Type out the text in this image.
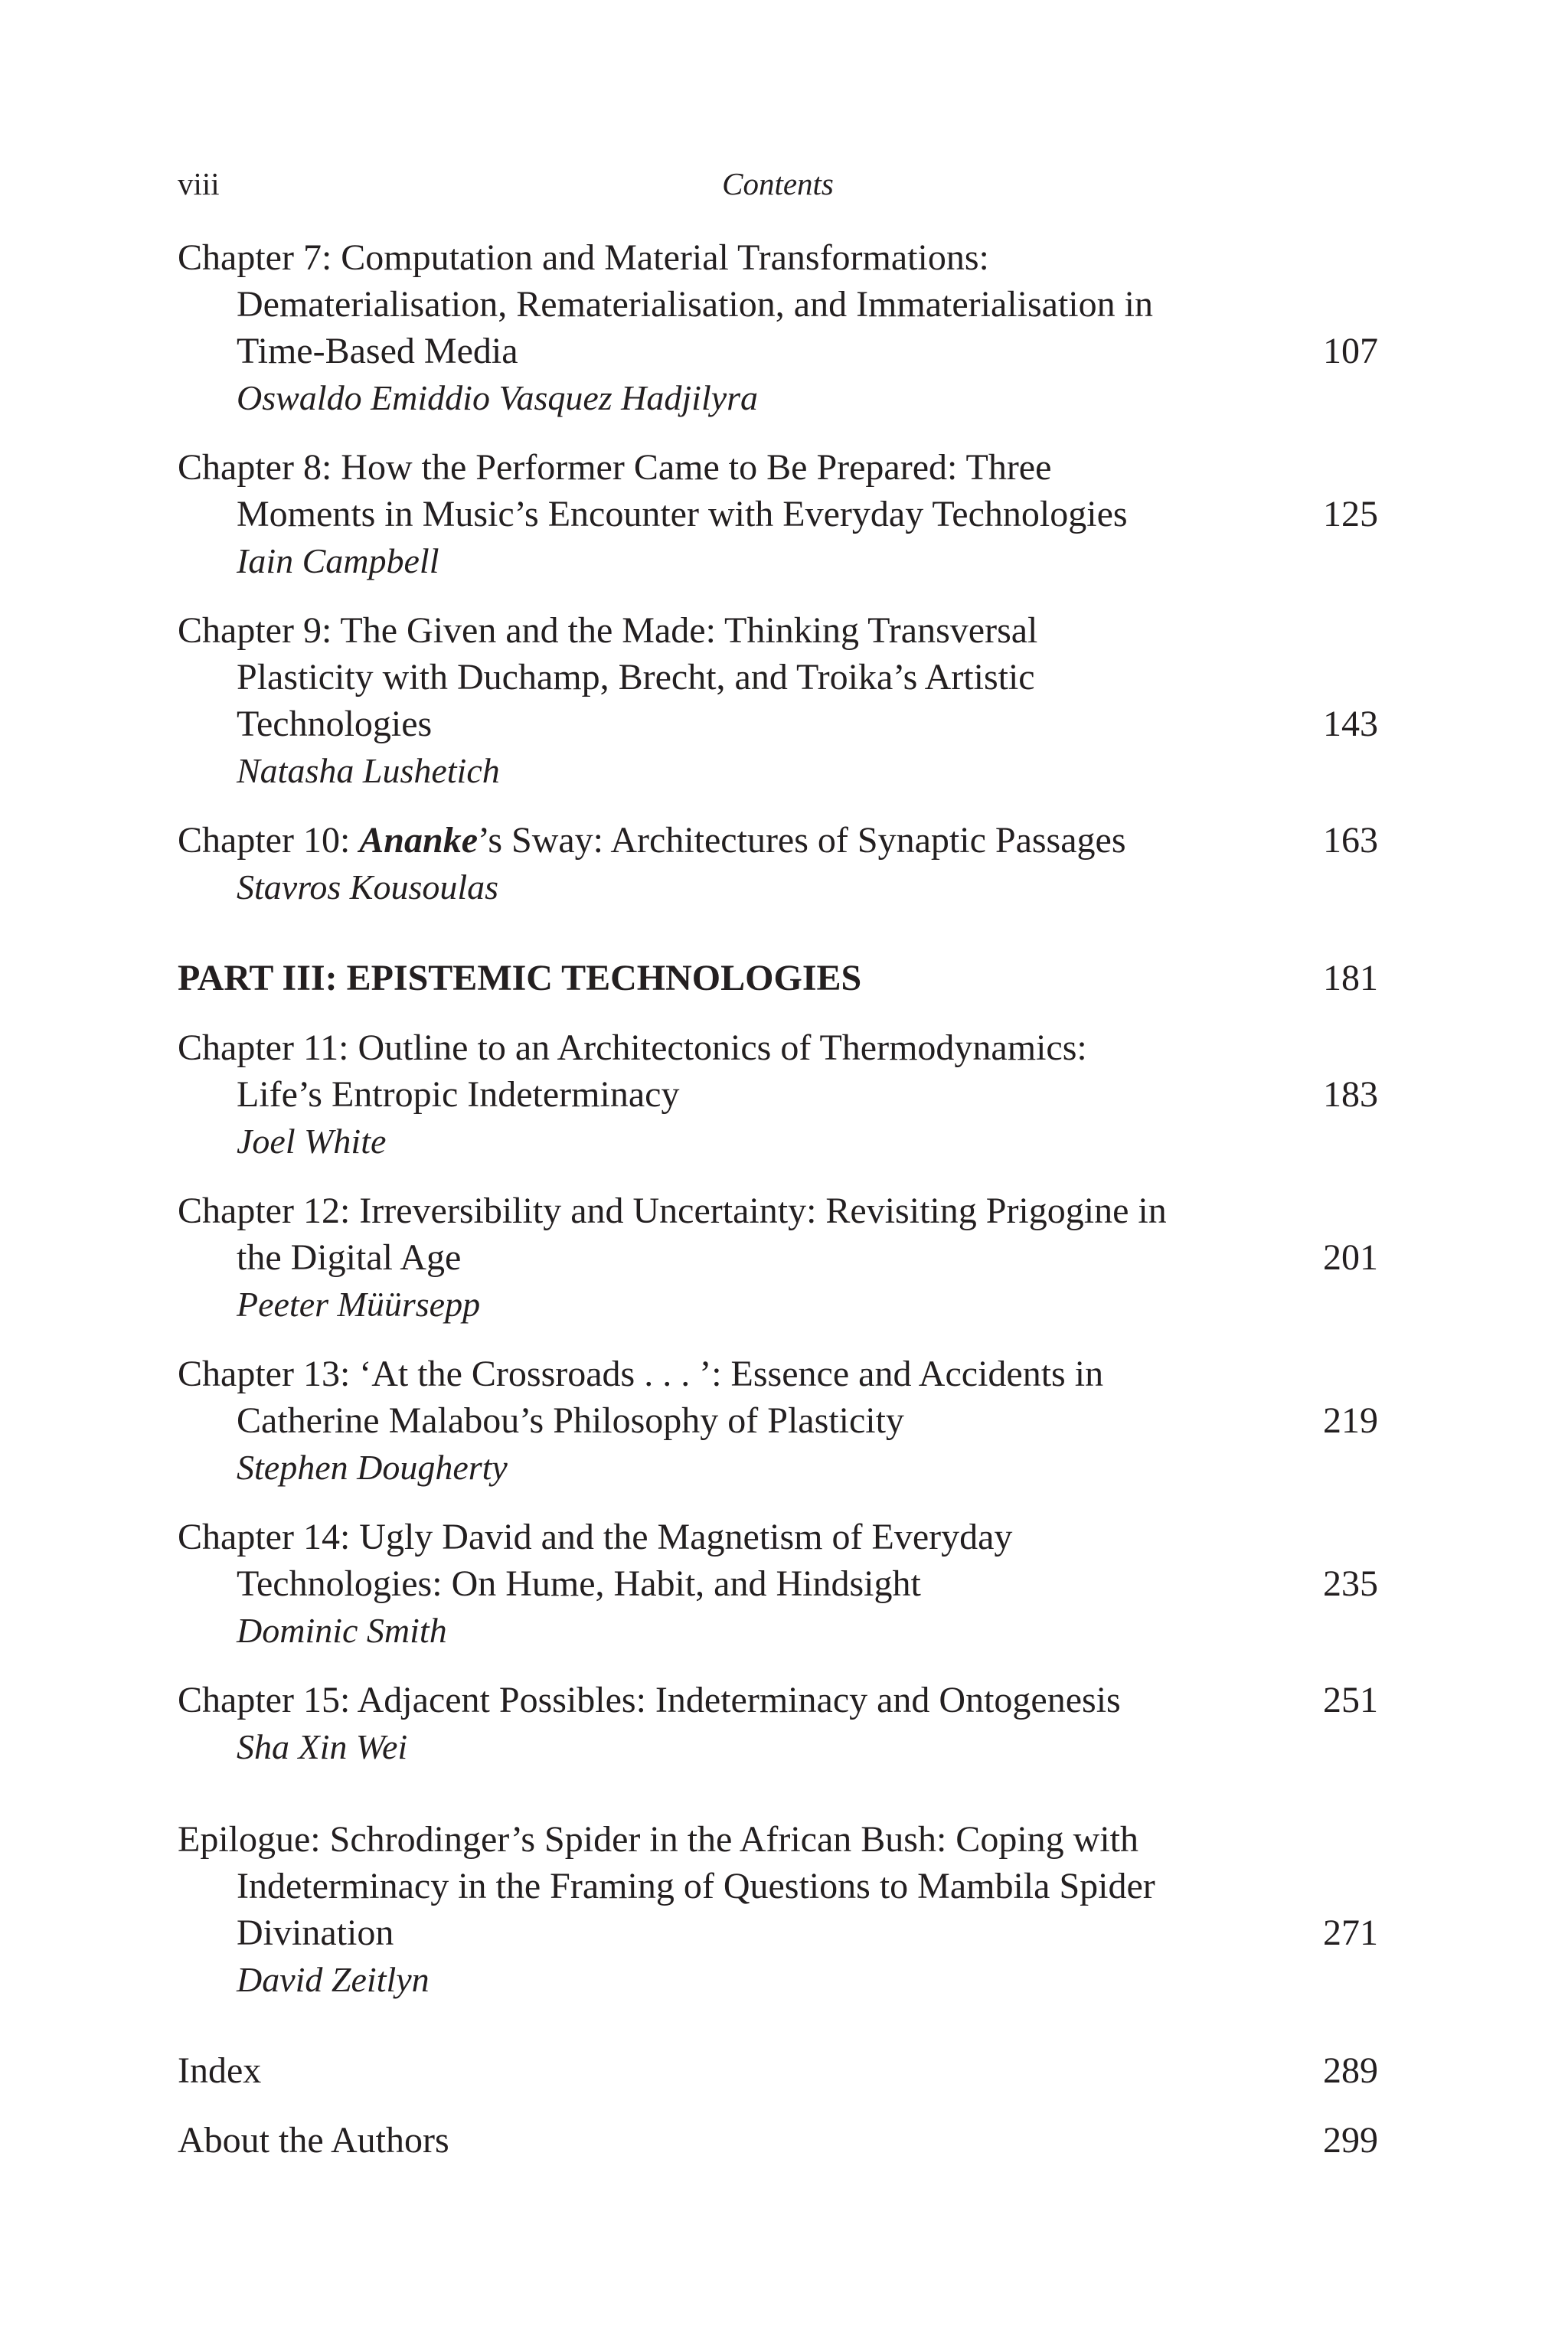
viii	Contents
Chapter 7: Computation and Material Transformations:
Dematerialisation, Rematerialisation, and Immaterialisation in
Time-Based Media	107
Oswaldo Emiddio Vasquez Hadjilyra
Chapter 8: How the Performer Came to Be Prepared: Three
Moments in Music’s Encounter with Everyday Technologies	125
Iain Campbell
Chapter 9: The Given and the Made: Thinking Transversal
Plasticity with Duchamp, Brecht, and Troika’s Artistic
Technologies	143
Natasha Lushetich
Chapter 10: Ananke’s Sway: Architectures of Synaptic Passages	163
Stavros Kousoulas
PART III: EPISTEMIC TECHNOLOGIES	181
Chapter 11: Outline to an Architectonics of Thermodynamics:
Life’s Entropic Indeterminacy	183
Joel White
Chapter 12: Irreversibility and Uncertainty: Revisiting Prigogine in
the Digital Age	201
Peeter Müürsepp
Chapter 13: ‘At the Crossroads . . . ’: Essence and Accidents in
Catherine Malabou’s Philosophy of Plasticity	219
Stephen Dougherty
Chapter 14: Ugly David and the Magnetism of Everyday
Technologies: On Hume, Habit, and Hindsight	235
Dominic Smith
Chapter 15: Adjacent Possibles: Indeterminacy and Ontogenesis	251
Sha Xin Wei
Epilogue: Schrodinger’s Spider in the African Bush: Coping with
Indeterminacy in the Framing of Questions to Mambila Spider
Divination	271
David Zeitlyn
Index	289
About the Authors	299
